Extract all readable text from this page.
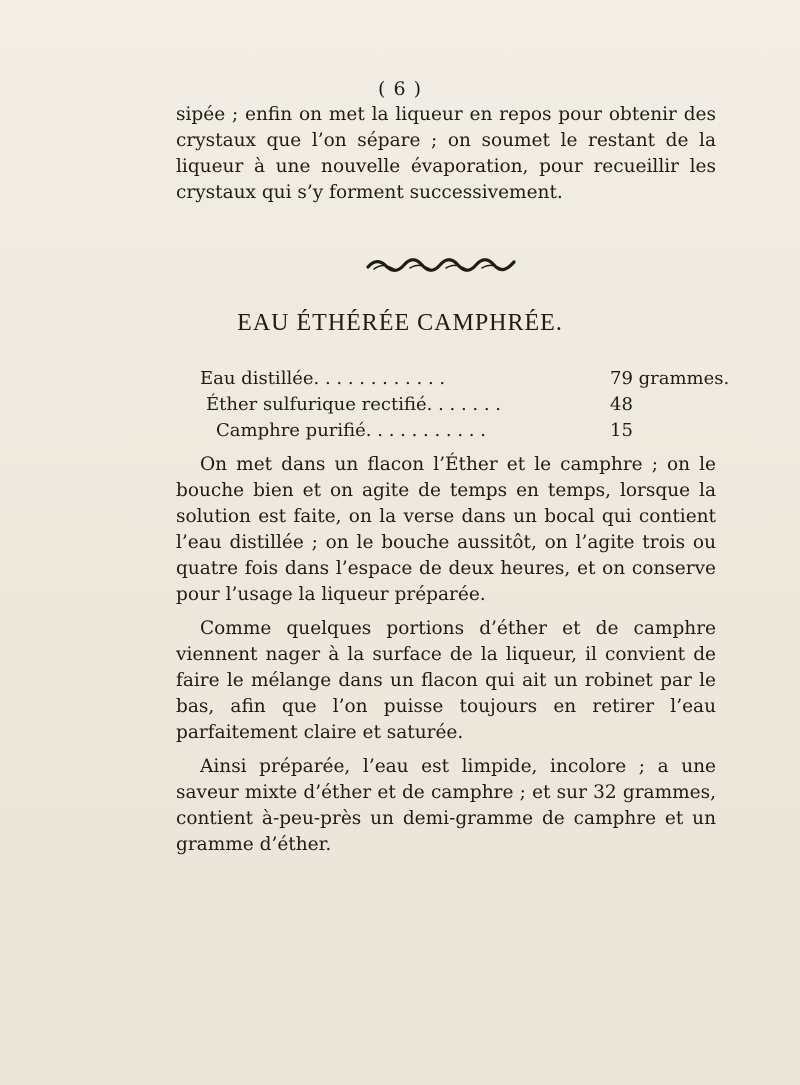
( 6 )

sipée ; enfin on met la liqueur en repos pour obtenir des crystaux que l’on sépare ; on soumet le restant de la liqueur à une nouvelle évaporation, pour recueillir les crystaux qui s’y forment successivement.

EAU ÉTHÉRÉE CAMPHRÉE.
Eau distillée. . . . . . . . . . . .	79 grammes.
Éther sulfurique rectifié. . . . . . .	48
Camphre purifié. . . . . . . . . . .	15

On met dans un flacon l’Éther et le camphre ; on le bouche bien et on agite de temps en temps, lorsque la solution est faite, on la verse dans un bocal qui contient l’eau distillée ; on le bouche aussitôt, on l’agite trois ou quatre fois dans l’espace de deux heures, et on conserve pour l’usage la liqueur préparée.

Comme quelques portions d’éther et de camphre viennent nager à la surface de la liqueur, il convient de faire le mélange dans un flacon qui ait un robinet par le bas, afin que l’on puisse toujours en retirer l’eau parfaitement claire et saturée.

Ainsi préparée, l’eau est limpide, incolore ; a une saveur mixte d’éther et de camphre ; et sur 32 grammes, contient à-peu-près un demi-gramme de camphre et un gramme d’éther.
